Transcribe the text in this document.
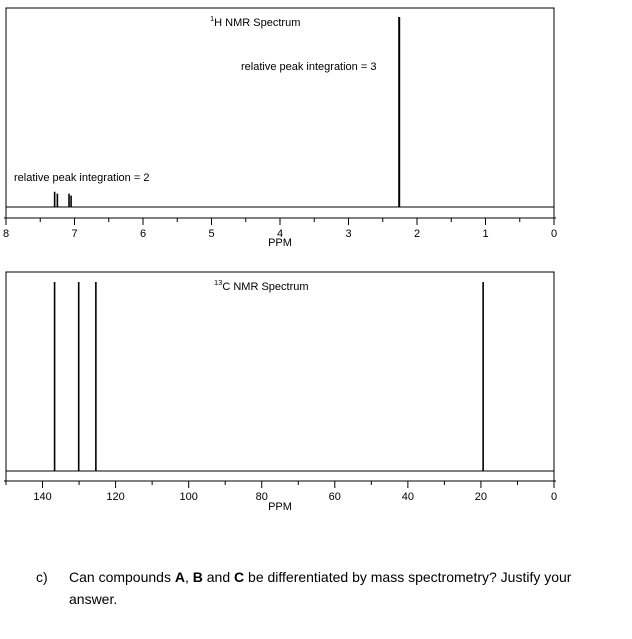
$^1$H NMR Spectrum
relative peak integration = 3
relative peak integration = 2
8	7	6	5	4	3	2	1	0
PPM
$^{13}$C NMR Spectrum
140	120	100	80	60	40	20	0
PPM
c) Can compounds A, B and C be differentiated by mass spectrometry? Justify your answer.
